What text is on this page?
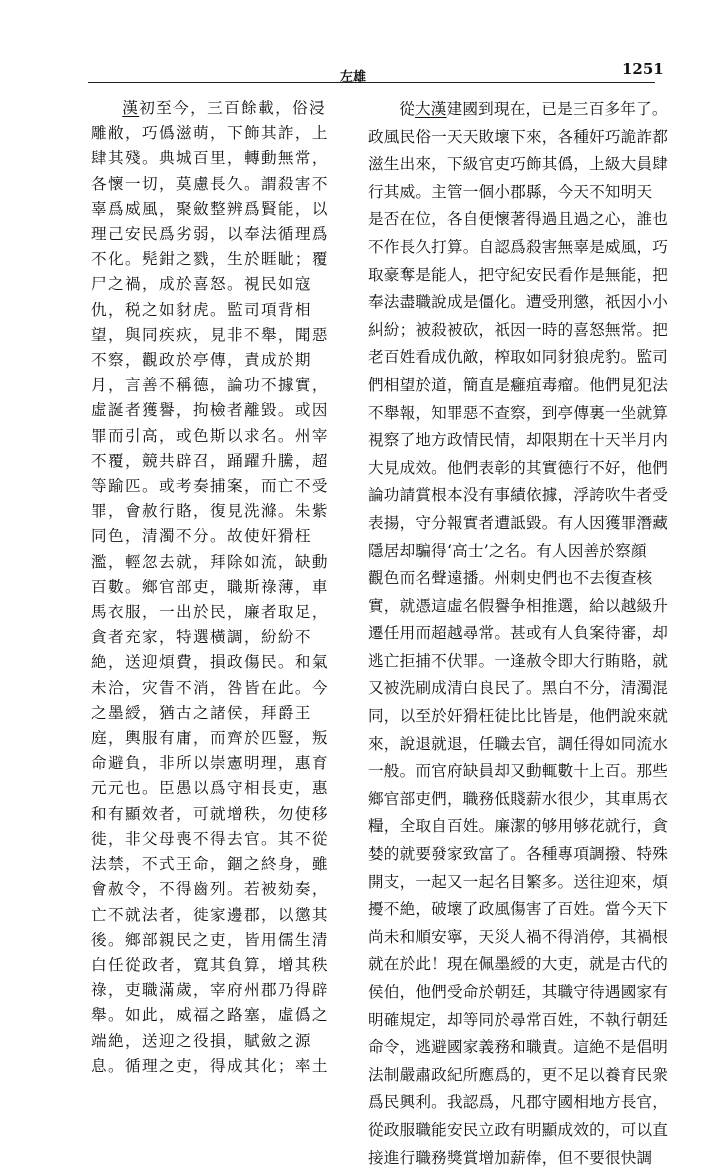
左雄	1251
漢初至今，三百餘載，俗浸
雕敝，巧僞滋萌，下飾其詐，上
肆其殘。典城百里，轉動無常，
各懷一切，莫慮長久。謂殺害不
辜爲威風，聚斂整辨爲賢能，以
理己安民爲劣弱，以奉法循理爲
不化。髡鉗之戮，生於睚眦；覆
尸之禍，成於喜怒。視民如寇
仇，税之如豺虎。監司項背相
望，與同疾疢，見非不舉，聞惡
不察，觀政於亭傳，責成於期
月，言善不稱德，論功不據實，
虛誕者獲譽，拘檢者離毀。或因
罪而引高，或色斯以求名。州宰
不覆，競共辟召，踊躍升騰，超
等踰匹。或考奏捕案，而亡不受
罪，會赦行賂，復見洗滌。朱紫
同色，清濁不分。故使奸猾枉
濫，輕忽去就，拜除如流，缺動
百數。鄉官部吏，職斯祿薄，車
馬衣服，一出於民，廉者取足，
貪者充家，特選橫調，紛紛不
絶，送迎煩費，損政傷民。和氣
未洽，灾眚不消，咎皆在此。今
之墨綬，猶古之諸侯，拜爵王
庭，輿服有庸，而齊於匹豎，叛
命避負，非所以崇憲明理，惠育
元元也。臣愚以爲守相長吏，惠
和有顯效者，可就增秩，勿使移
徙，非父母喪不得去官。其不從
法禁，不式王命，錮之終身，雖
會赦令，不得齒列。若被劾奏，
亡不就法者，徙家邊郡，以懲其
後。鄉部親民之吏，皆用儒生清
白任從政者，寬其負算，增其秩
祿，吏職滿歲，宰府州郡乃得辟
舉。如此，威福之路塞，虛僞之
端絶，送迎之役損，賦斂之源
息。循理之吏，得成其化；率土
從大漢建國到現在，已是三百多年了。
政風民俗一天天敗壞下來，各種奸巧詭詐都
滋生出來，下級官吏巧飾其僞，上級大員肆
行其威。主管一個小郡縣，今天不知明天
是否在位，各自便懷著得過且過之心，誰也
不作長久打算。自認爲殺害無辜是威風，巧
取豪奪是能人，把守紀安民看作是無能，把
奉法盡職說成是僵化。遭受刑懲，祇因小小
糾紛；被殺被砍，祇因一時的喜怒無常。把
老百姓看成仇敵，榨取如同豺狼虎豹。監司
們相望於道，簡直是癰疽毒瘤。他們見犯法
不舉報，知罪惡不查察，到亭傳裏一坐就算
視察了地方政情民情，却限期在十天半月内
大見成效。他們表彰的其實德行不好，他們
論功請賞根本没有事績依據，浮誇吹牛者受
表揚，守分報實者遭詆毀。有人因獲罪潛藏
隱居却騙得‘高士’之名。有人因善於察顔
觀色而名聲遠播。州刺史們也不去復查核
實，就憑這虛名假譽争相推選，給以越級升
遷任用而超越尋常。甚或有人負案待審，却
逃亡拒捕不伏罪。一逢赦令即大行賄賂，就
又被洗刷成清白良民了。黑白不分，清濁混
同，以至於奸猾枉徒比比皆是，他們說來就
來，說退就退，任職去官，調任得如同流水
一般。而官府缺員却又動輒數十上百。那些
鄉官部吏們，職務低賤薪水很少，其車馬衣
糧，全取自百姓。廉潔的够用够花就行，貪
婪的就要發家致富了。各種專項調撥、特殊
開支，一起又一起名目繁多。送往迎來，煩
擾不絶，破壞了政風傷害了百姓。當今天下
尚未和順安寧，天災人禍不得消停，其禍根
就在於此！現在佩墨綬的大吏，就是古代的
侯伯，他們受命於朝廷，其職守待遇國家有
明確規定，却等同於尋常百姓，不執行朝廷
命令，逃避國家義務和職責。這絶不是倡明
法制嚴肅政紀所應爲的，更不足以養育民衆
爲民興利。我認爲，凡郡守國相地方長官，
從政服職能安民立政有明顯成效的，可以直
接進行職務獎賞增加薪俸，但不要很快調
